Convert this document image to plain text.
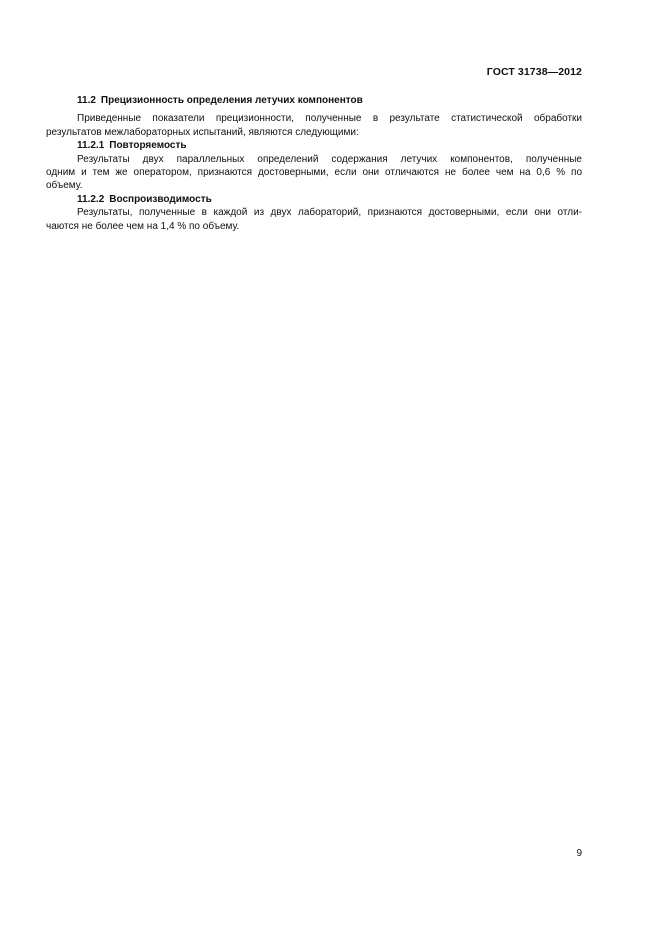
ГОСТ 31738—2012

11.2 Прецизионность определения летучих компонентов

Приведенные показатели прецизионности, полученные в результате статистической обработки
результатов межлабораторных испытаний, являются следующими:

11.2.1 Повторяемость

Результаты двух параллельных определений содержания летучих компонентов, полученные
одним и тем же оператором, признаются достоверными, если они отличаются не более чем на 0,6 % по
объему.

11.2.2 Воспроизводимость

Результаты, полученные в каждой из двух лабораторий, признаются достоверными, если они отли-
чаются не более чем на 1,4 % по объему.

9
